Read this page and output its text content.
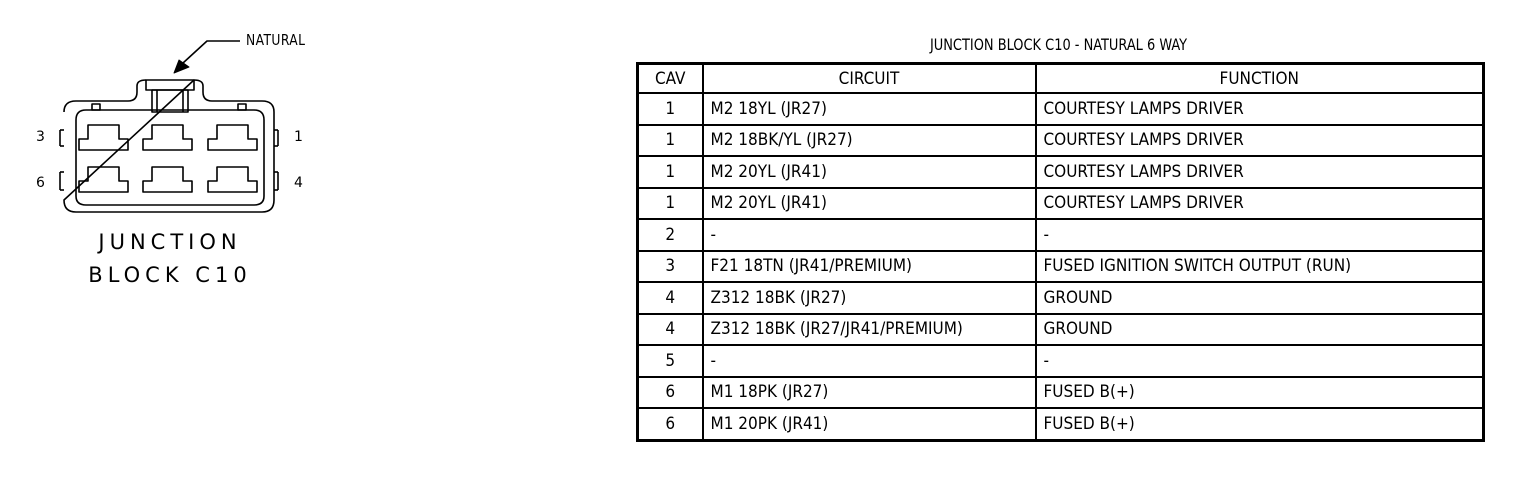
NATURAL
3	1
6	4
JUNCTION
BLOCK C10
JUNCTION BLOCK C10 - NATURAL 6 WAY
CAV	CIRCUIT	FUNCTION
1	M2 18YL (JR27)	COURTESY LAMPS DRIVER
1	M2 18BK/YL (JR27)	COURTESY LAMPS DRIVER
1	M2 20YL (JR41)	COURTESY LAMPS DRIVER
1	M2 20YL (JR41)	COURTESY LAMPS DRIVER
2	-	-
3	F21 18TN (JR41/PREMIUM)	FUSED IGNITION SWITCH OUTPUT (RUN)
4	Z312 18BK (JR27)	GROUND
4	Z312 18BK (JR27/JR41/PREMIUM)	GROUND
5	-	-
6	M1 18PK (JR27)	FUSED B(+)
6	M1 20PK (JR41)	FUSED B(+)
